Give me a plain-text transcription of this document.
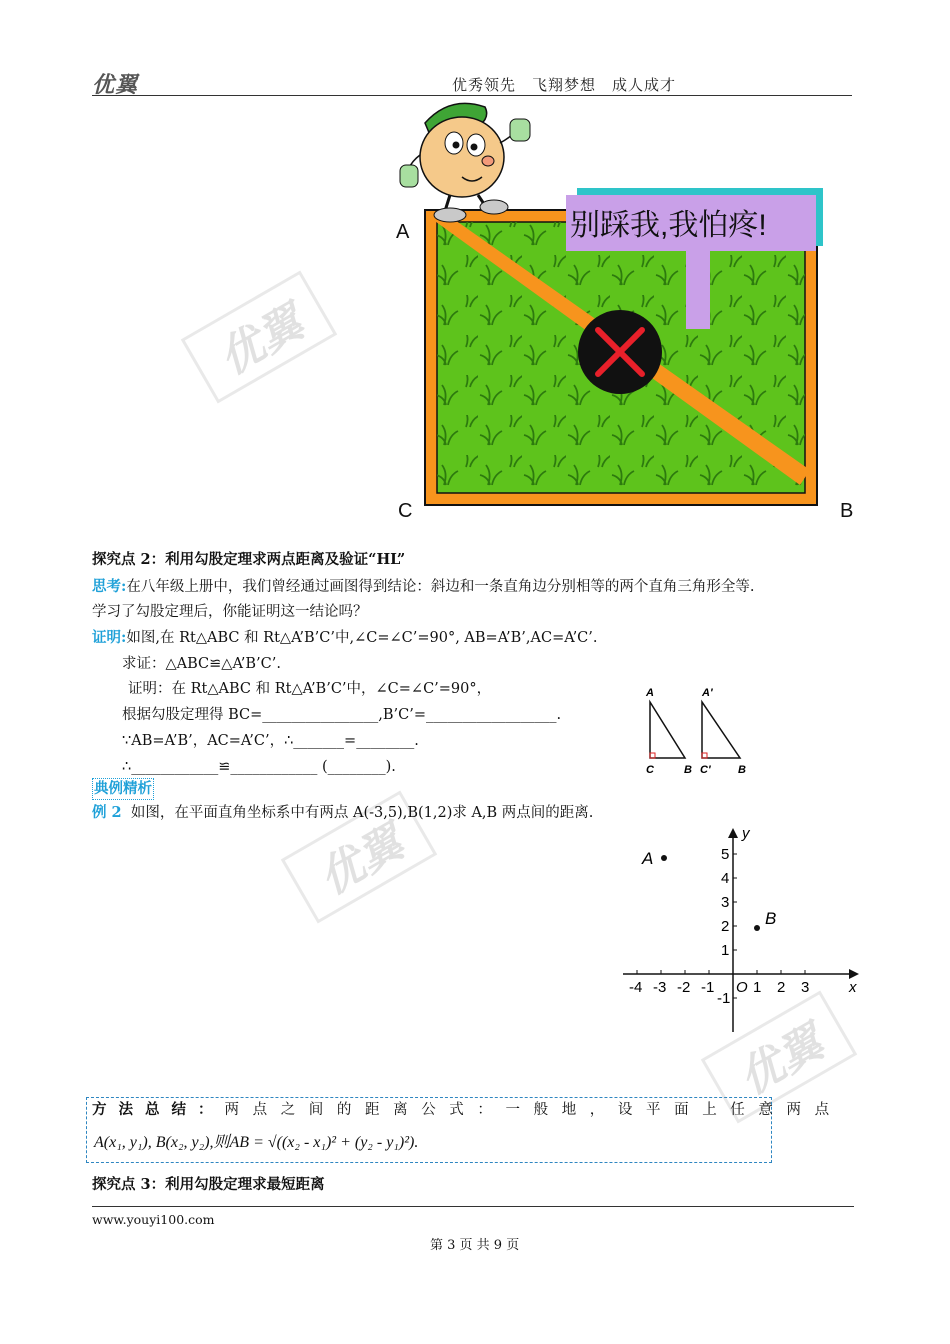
优翼	优秀领先　飞翔梦想　成人成才
优翼
优翼
优翼
别踩我,我怕疼!
A
C	B
探究点 2：利用勾股定理求两点距离及验证“HL”
思考:在八年级上册中，我们曾经通过画图得到结论：斜边和一条直角边分别相等的两个直角三角形全等.
学习了勾股定理后，你能证明这一结论吗？
证明:如图,在 Rt△ABC 和 Rt△A’B’C’中,∠C=∠C’=90°, AB=A’B’,AC=A’C’.
求证：△ABC≌△A’B’C’.
证明：在 Rt△ABC 和 Rt△A’B’C’中，∠C=∠C’=90°，
根据勾股定理得 BC=________________,B’C’=__________________.
∵AB=A’B’，AC=A’C’，∴_______=________.
∴____________≌____________ (________).
A
C	B
A′
C′ B
典例精析
例 2 如图，在平面直角坐标系中有两点 A(-3,5),B(1,2)求 A,B 两点间的距离.
-4 -3 -2 -1	1 2 3
5
4
3
2
1
-1
x
y
O
A
B
方法总结：两点之间的距离公式：一般地，设平面上任意两点
A(x₁, y₁), B(x₂, y₂),则AB = √((x₂ - x₁)² + (y₂ - y₁)²).
探究点 3：利用勾股定理求最短距离
www.youyi100.com
第 3 页 共 9 页
